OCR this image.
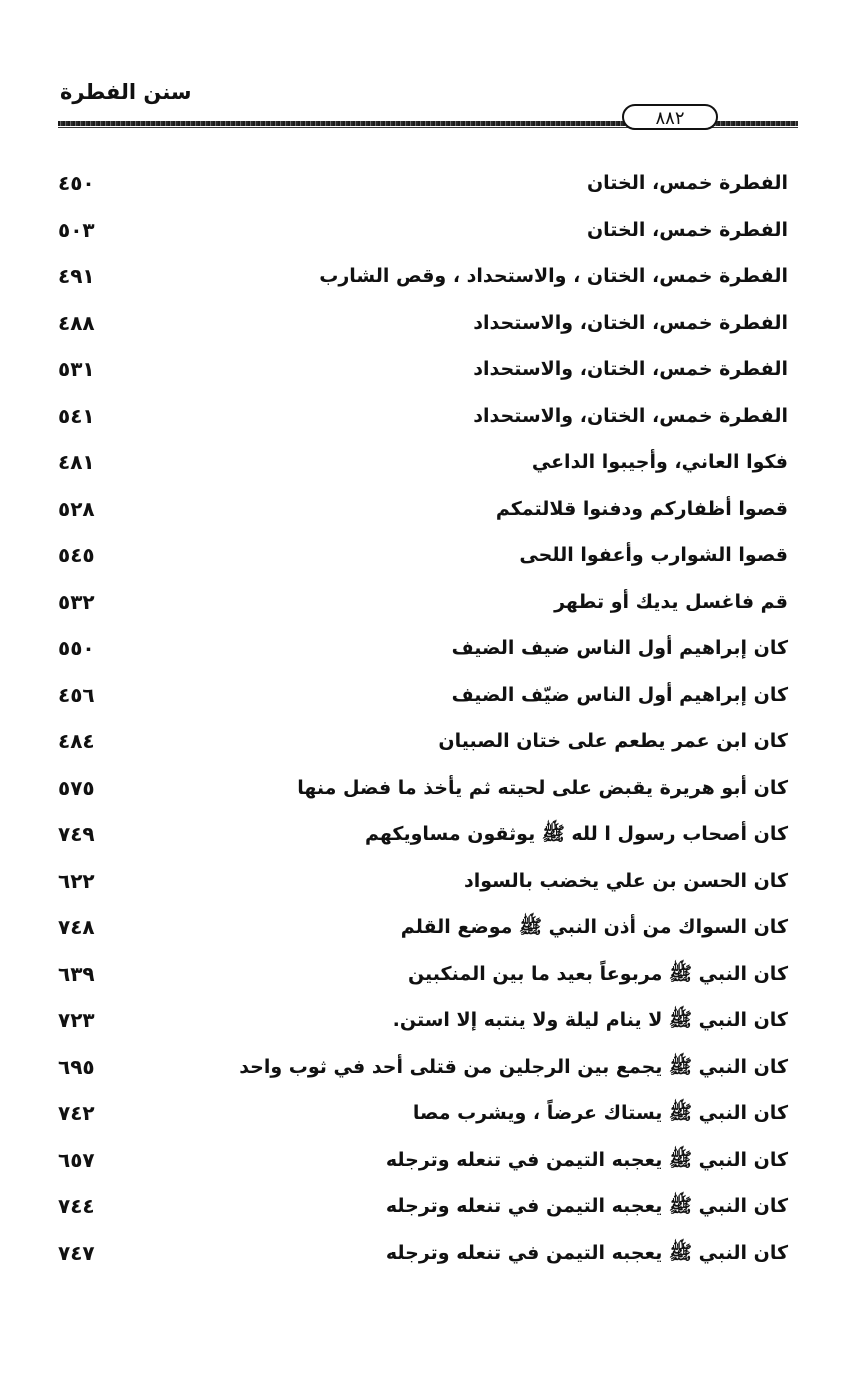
سنن الفطرة
٨٨٢
الفطرة خمس، الختان
٤٥٠
الفطرة خمس، الختان
٥٠٣
الفطرة خمس، الختان ، والاستحداد ، وقص الشارب
٤٩١
الفطرة خمس، الختان، والاستحداد
٤٨٨
الفطرة خمس، الختان، والاستحداد
٥٣١
الفطرة خمس، الختان، والاستحداد
٥٤١
فكوا العاني، وأجيبوا الداعي
٤٨١
قصوا أظفاركم ودفنوا قلالتمكم
٥٢٨
قصوا الشوارب وأعفوا اللحى
٥٤٥
قم فاغسل يديك أو تطهر
٥٣٢
كان إبراهيم أول الناس ضيف الضيف
٥٥٠
كان إبراهيم أول الناس ضيّف الضيف
٤٥٦
كان ابن عمر يطعم على ختان الصبيان
٤٨٤
كان أبو هريرة يقبض على لحيته ثم يأخذ ما فضل منها
٥٧٥
كان أصحاب رسول ا لله ﷺ يوثقون مساويكهم
٧٤٩
كان الحسن بن علي يخضب بالسواد
٦٢٢
كان السواك من أذن النبي ﷺ موضع القلم
٧٤٨
كان النبي ﷺ مربوعاً بعيد ما بين المنكبين
٦٣٩
كان النبي ﷺ لا ينام ليلة ولا ينتبه إلا استن.
٧٢٣
كان النبي ﷺ يجمع بين الرجلين من قتلى أحد في ثوب واحد
٦٩٥
كان النبي ﷺ يستاك عرضاً ، ويشرب مصا
٧٤٢
كان النبي ﷺ يعجبه التيمن في تنعله وترجله
٦٥٧
كان النبي ﷺ يعجبه التيمن في تنعله وترجله
٧٤٤
كان النبي ﷺ يعجبه التيمن في تنعله وترجله
٧٤٧
